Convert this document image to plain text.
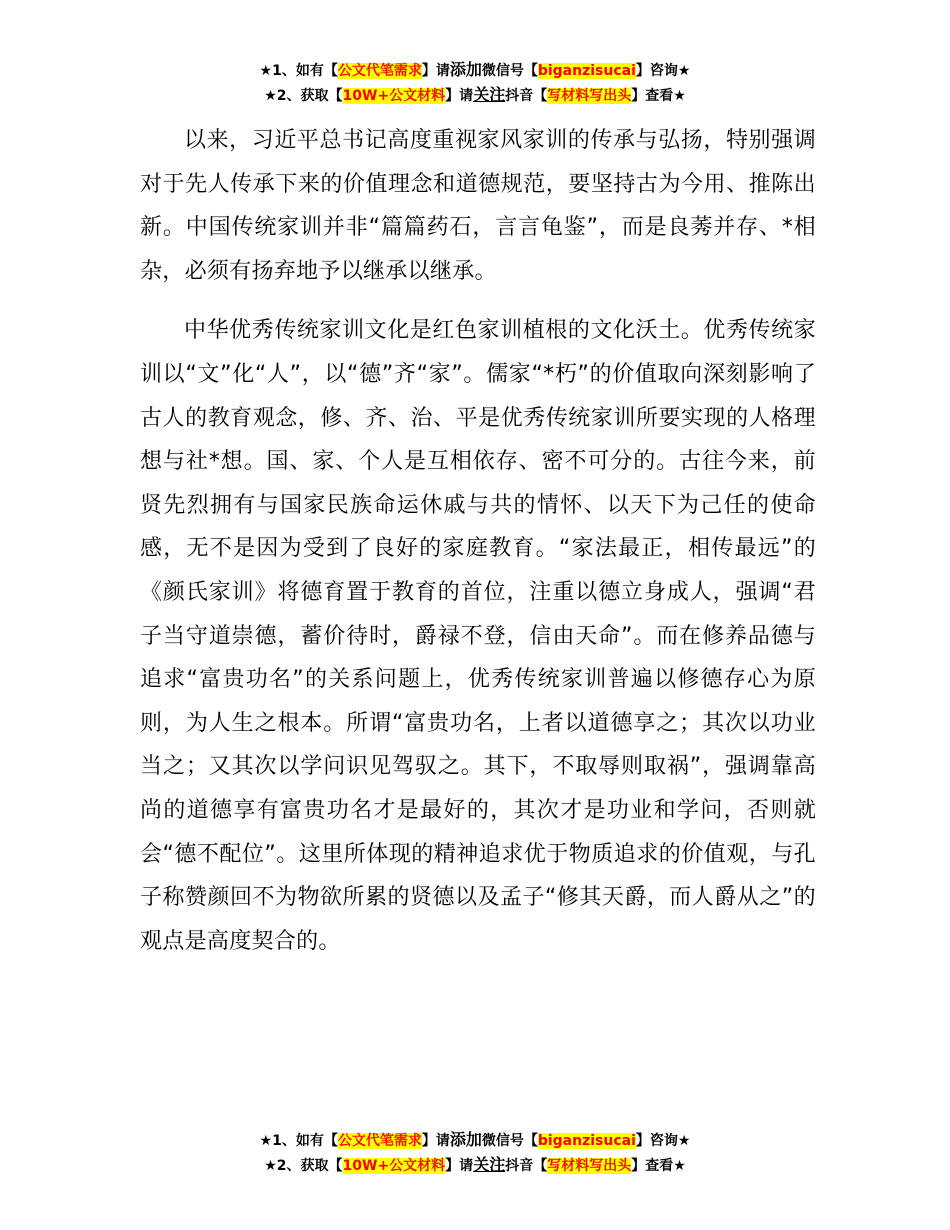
★1、如有【公文代笔需求】请添加微信号【biganzisucai】咨询★
★2、获取【10W+公文材料】请关注抖音【写材料写出头】查看★

以来，习近平总书记高度重视家风家训的传承与弘扬，特别强调对于先人传承下来的价值理念和道德规范，要坚持古为今用、推陈出新。中国传统家训并非“篇篇药石，言言龟鉴”，而是良莠并存、*相杂，必须有扬弃地予以继承以继承。

中华优秀传统家训文化是红色家训植根的文化沃土。优秀传统家训以“文”化“人”，以“德”齐“家”。儒家“*朽”的价值取向深刻影响了古人的教育观念，修、齐、治、平是优秀传统家训所要实现的人格理想与社*想。国、家、个人是互相依存、密不可分的。古往今来，前贤先烈拥有与国家民族命运休戚与共的情怀、以天下为己任的使命感，无不是因为受到了良好的家庭教育。“家法最正，相传最远”的《颜氏家训》将德育置于教育的首位，注重以德立身成人，强调“君子当守道崇德，蓄价待时，爵禄不登，信由天命”。而在修养品德与追求“富贵功名”的关系问题上，优秀传统家训普遍以修德存心为原则，为人生之根本。所谓“富贵功名，上者以道德享之；其次以功业当之；又其次以学问识见驾驭之。其下，不取辱则取祸”，强调靠高尚的道德享有富贵功名才是最好的，其次才是功业和学问，否则就会“德不配位”。这里所体现的精神追求优于物质追求的价值观，与孔子称赞颜回不为物欲所累的贤德以及孟子“修其天爵，而人爵从之”的观点是高度契合的。

★1、如有【公文代笔需求】请添加微信号【biganzisucai】咨询★
★2、获取【10W+公文材料】请关注抖音【写材料写出头】查看★
